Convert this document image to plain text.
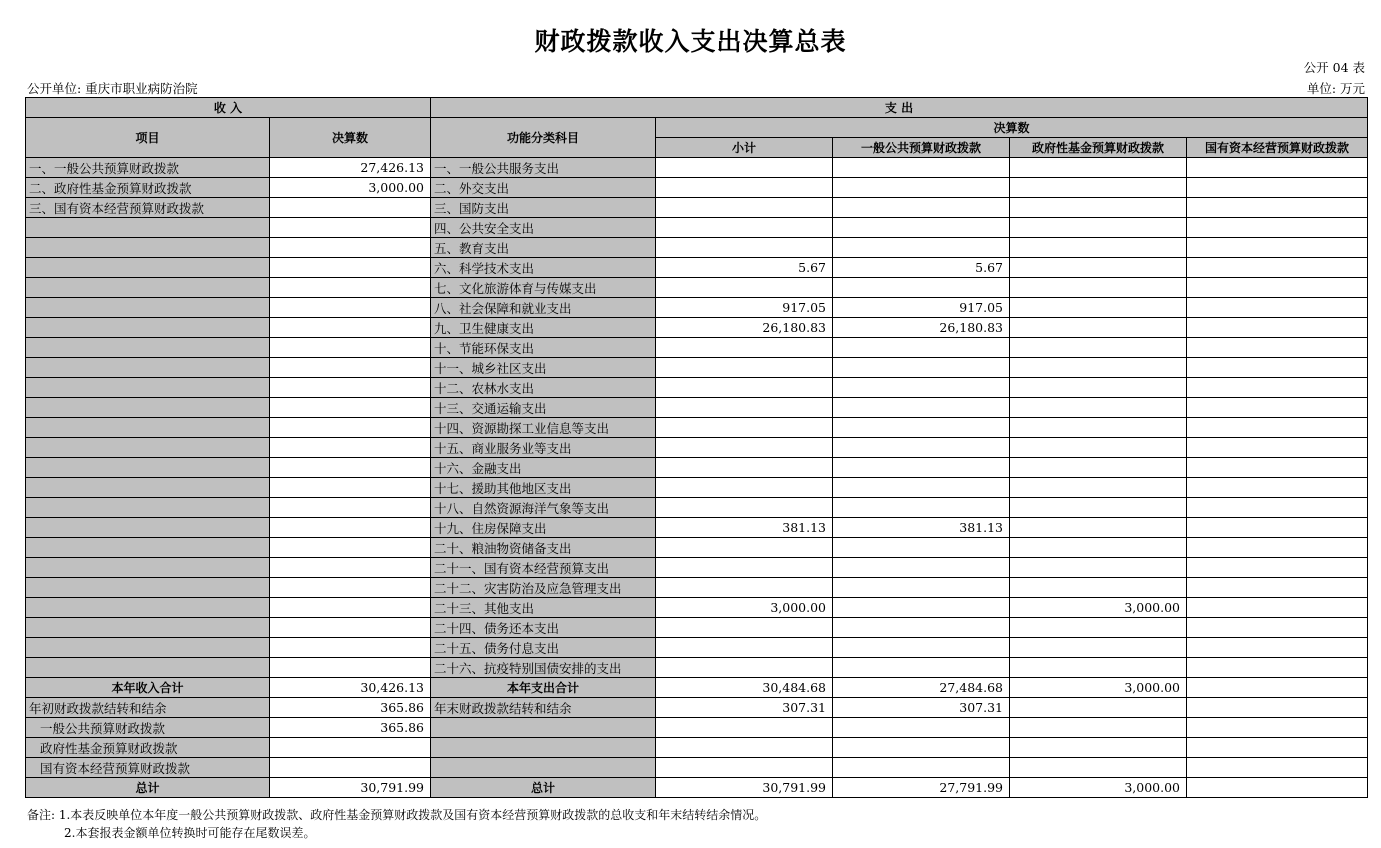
财政拨款收入支出决算总表
公开 04 表
公开单位: 重庆市职业病防治院	单位: 万元
收 入		支 出				
项目	决算数	功能分类科目	决算数			
			小计	一般公共预算财政拨款	政府性基金预算财政拨款	国有资本经营预算财政拨款
一、一般公共预算财政拨款	27,426.13	一、一般公共服务支出				
二、政府性基金预算财政拨款	3,000.00	二、外交支出				
三、国有资本经营预算财政拨款		三、国防支出				
		四、公共安全支出				
		五、教育支出				
		六、科学技术支出	5.67	5.67		
		七、文化旅游体育与传媒支出				
		八、社会保障和就业支出	917.05	917.05		
		九、卫生健康支出	26,180.83	26,180.83		
		十、节能环保支出				
		十一、城乡社区支出				
		十二、农林水支出				
		十三、交通运输支出				
		十四、资源勘探工业信息等支出				
		十五、商业服务业等支出				
		十六、金融支出				
		十七、援助其他地区支出				
		十八、自然资源海洋气象等支出				
		十九、住房保障支出	381.13	381.13		
		二十、粮油物资储备支出				
		二十一、国有资本经营预算支出				
		二十二、灾害防治及应急管理支出				
		二十三、其他支出	3,000.00		3,000.00	
		二十四、债务还本支出				
		二十五、债务付息支出				
		二十六、抗疫特别国债安排的支出				
本年收入合计	30,426.13	本年支出合计	30,484.68	27,484.68	3,000.00	
年初财政拨款结转和结余	365.86	年末财政拨款结转和结余	307.31	307.31		
一般公共预算财政拨款	365.86					
政府性基金预算财政拨款						
国有资本经营预算财政拨款						
总计	30,791.99	总计	30,791.99	27,791.99	3,000.00	
备注: 1.本表反映单位本年度一般公共预算财政拨款、政府性基金预算财政拨款及国有资本经营预算财政拨款的总收支和年末结转结余情况。
2.本套报表金额单位转换时可能存在尾数误差。
